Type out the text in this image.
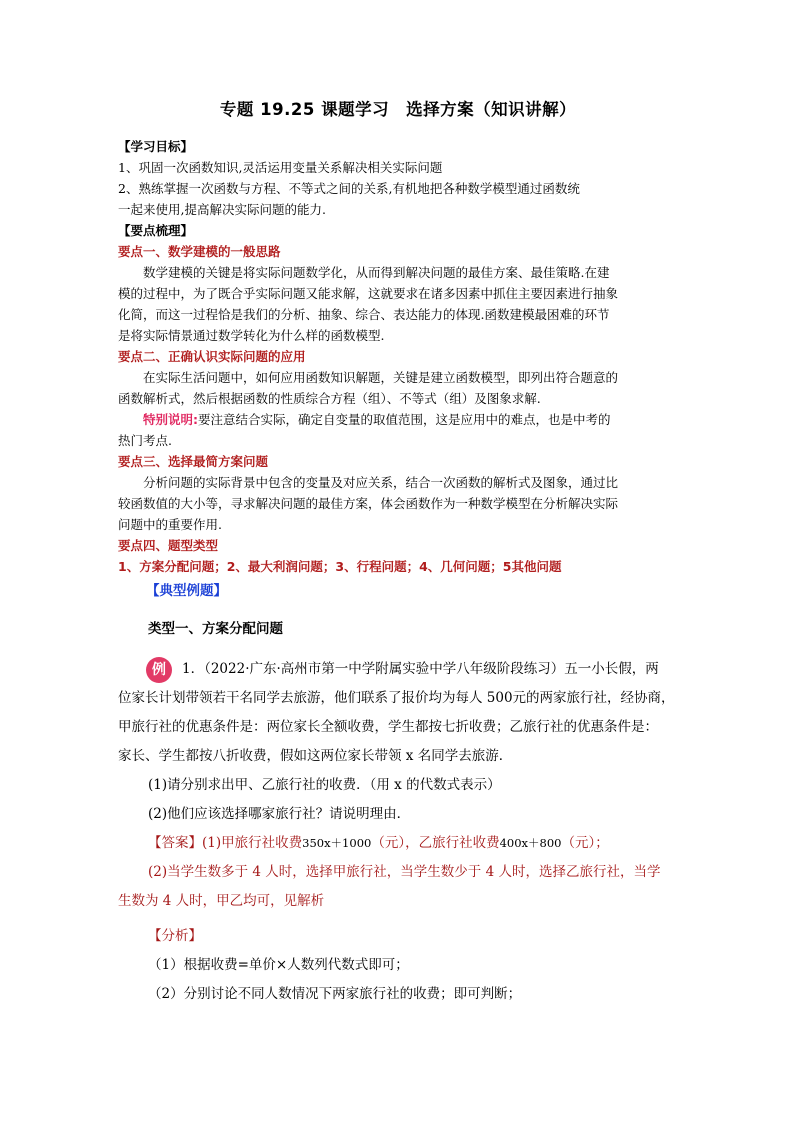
专题 19.25 课题学习　选择方案（知识讲解）
【学习目标】
1、巩固一次函数知识,灵活运用变量关系解决相关实际问题
2、熟练掌握一次函数与方程、不等式之间的关系,有机地把各种数学模型通过函数统
一起来使用,提高解决实际问题的能力.
【要点梳理】
要点一、数学建模的一般思路
数学建模的关键是将实际问题数学化，从而得到解决问题的最佳方案、最佳策略.在建
模的过程中，为了既合乎实际问题又能求解，这就要求在诸多因素中抓住主要因素进行抽象
化简，而这一过程恰是我们的分析、抽象、综合、表达能力的体现.函数建模最困难的环节
是将实际情景通过数学转化为什么样的函数模型.
要点二、正确认识实际问题的应用
在实际生活问题中，如何应用函数知识解题，关键是建立函数模型，即列出符合题意的
函数解析式，然后根据函数的性质综合方程（组）、不等式（组）及图象求解.
特别说明:要注意结合实际，确定自变量的取值范围，这是应用中的难点，也是中考的
热门考点.
要点三、选择最简方案问题
分析问题的实际背景中包含的变量及对应关系，结合一次函数的解析式及图象，通过比
较函数值的大小等，寻求解决问题的最佳方案，体会函数作为一种数学模型在分析解决实际
问题中的重要作用.
要点四、题型类型
1、方案分配问题；2、最大利润问题；3、行程问题；4、几何问题；5其他问题
【典型例题】
类型一、方案分配问题
例	1．（2022·广东·高州市第一中学附属实验中学八年级阶段练习）五一小长假，两
位家长计划带领若干名同学去旅游，他们联系了报价均为每人 500元的两家旅行社，经协商，
甲旅行社的优惠条件是：两位家长全额收费，学生都按七折收费；乙旅行社的优惠条件是：
家长、学生都按八折收费，假如这两位家长带领 x 名同学去旅游．
(1)请分别求出甲、乙旅行社的收费．（用 x 的代数式表示）
(2)他们应该选择哪家旅行社？请说明理由．
【答案】(1)甲旅行社收费350x＋1000（元），乙旅行社收费400x＋800（元）；
(2)当学生数多于 4 人时，选择甲旅行社，当学生数少于 4 人时，选择乙旅行社，当学
生数为 4 人时，甲乙均可，见解析
【分析】
（1）根据收费=单价×人数列代数式即可；
（2）分别讨论不同人数情况下两家旅行社的收费；即可判断；
